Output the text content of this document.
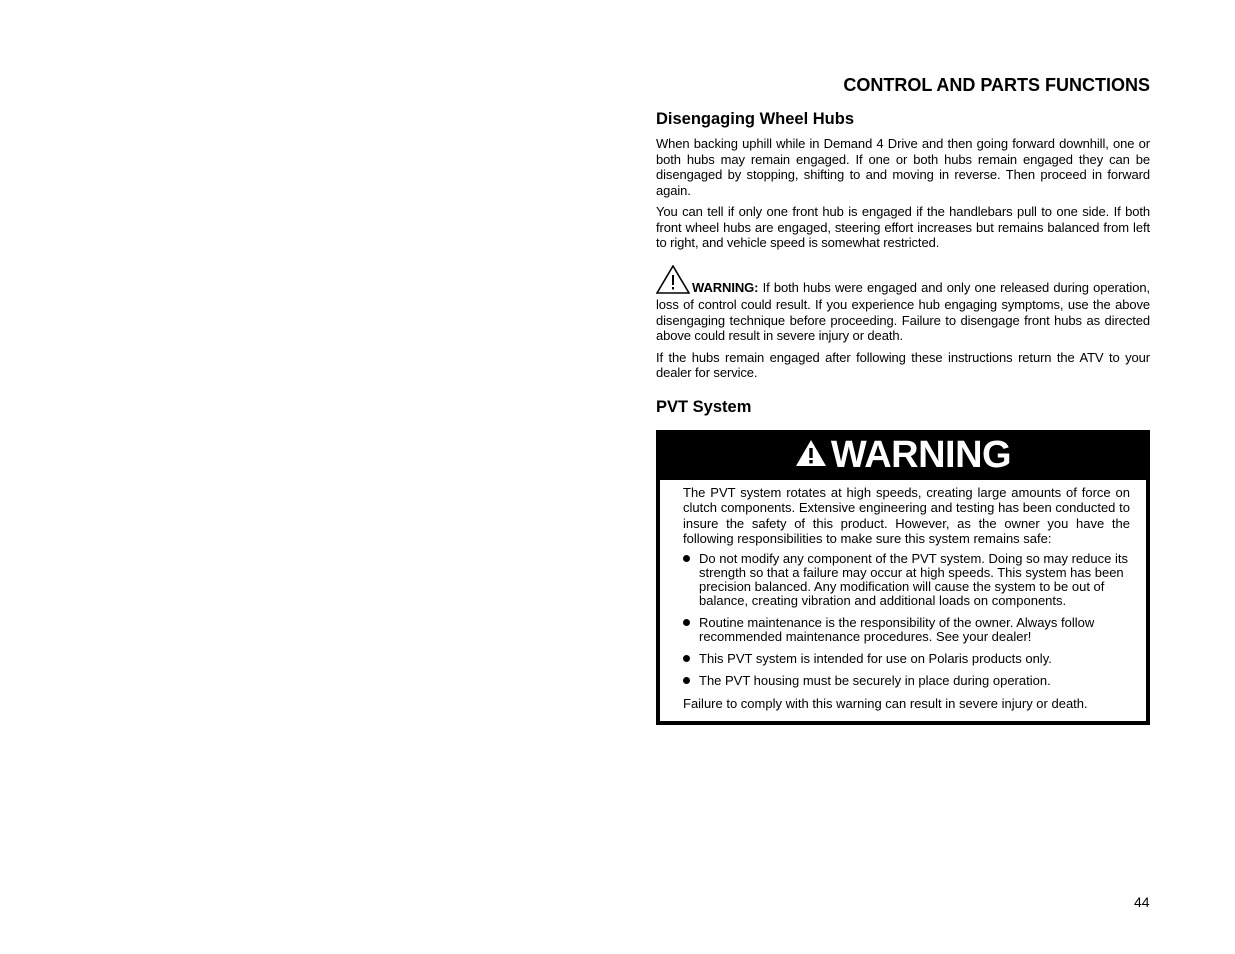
CONTROL AND PARTS FUNCTIONS
Disengaging Wheel Hubs

When backing uphill while in Demand 4 Drive and then going forward downhill, one or both hubs may remain engaged. If one or both hubs remain engaged they can be disengaged by stopping, shifting to and moving in reverse. Then proceed in forward again.

You can tell if only one front hub is engaged if the handlebars pull to one side. If both front wheel hubs are engaged, steering effort increases but remains balanced from left to right, and vehicle speed is somewhat restricted.

WARNING: If both hubs were engaged and only one released during operation, loss of control could result. If you experience hub engaging symptoms, use the above disengaging technique before proceeding. Failure to disengage front hubs as directed above could result in severe injury or death.

If the hubs remain engaged after following these instructions return the ATV to your dealer for service.

PVT System
WARNING

The PVT system rotates at high speeds, creating large amounts of force on clutch components. Extensive engineering and testing has been conducted to insure the safety of this product. However, as the owner you have the following responsibilities to make sure this system remains safe:

Do not modify any component of the PVT system. Doing so may reduce its strength so that a failure may occur at high speeds. This system has been precision balanced. Any modification will cause the system to be out of balance, creating vibration and additional loads on components.
Routine maintenance is the responsibility of the owner. Always follow recommended maintenance procedures. See your dealer!
This PVT system is intended for use on Polaris products only.
The PVT housing must be securely in place during operation.

Failure to comply with this warning can result in severe injury or death.

44
